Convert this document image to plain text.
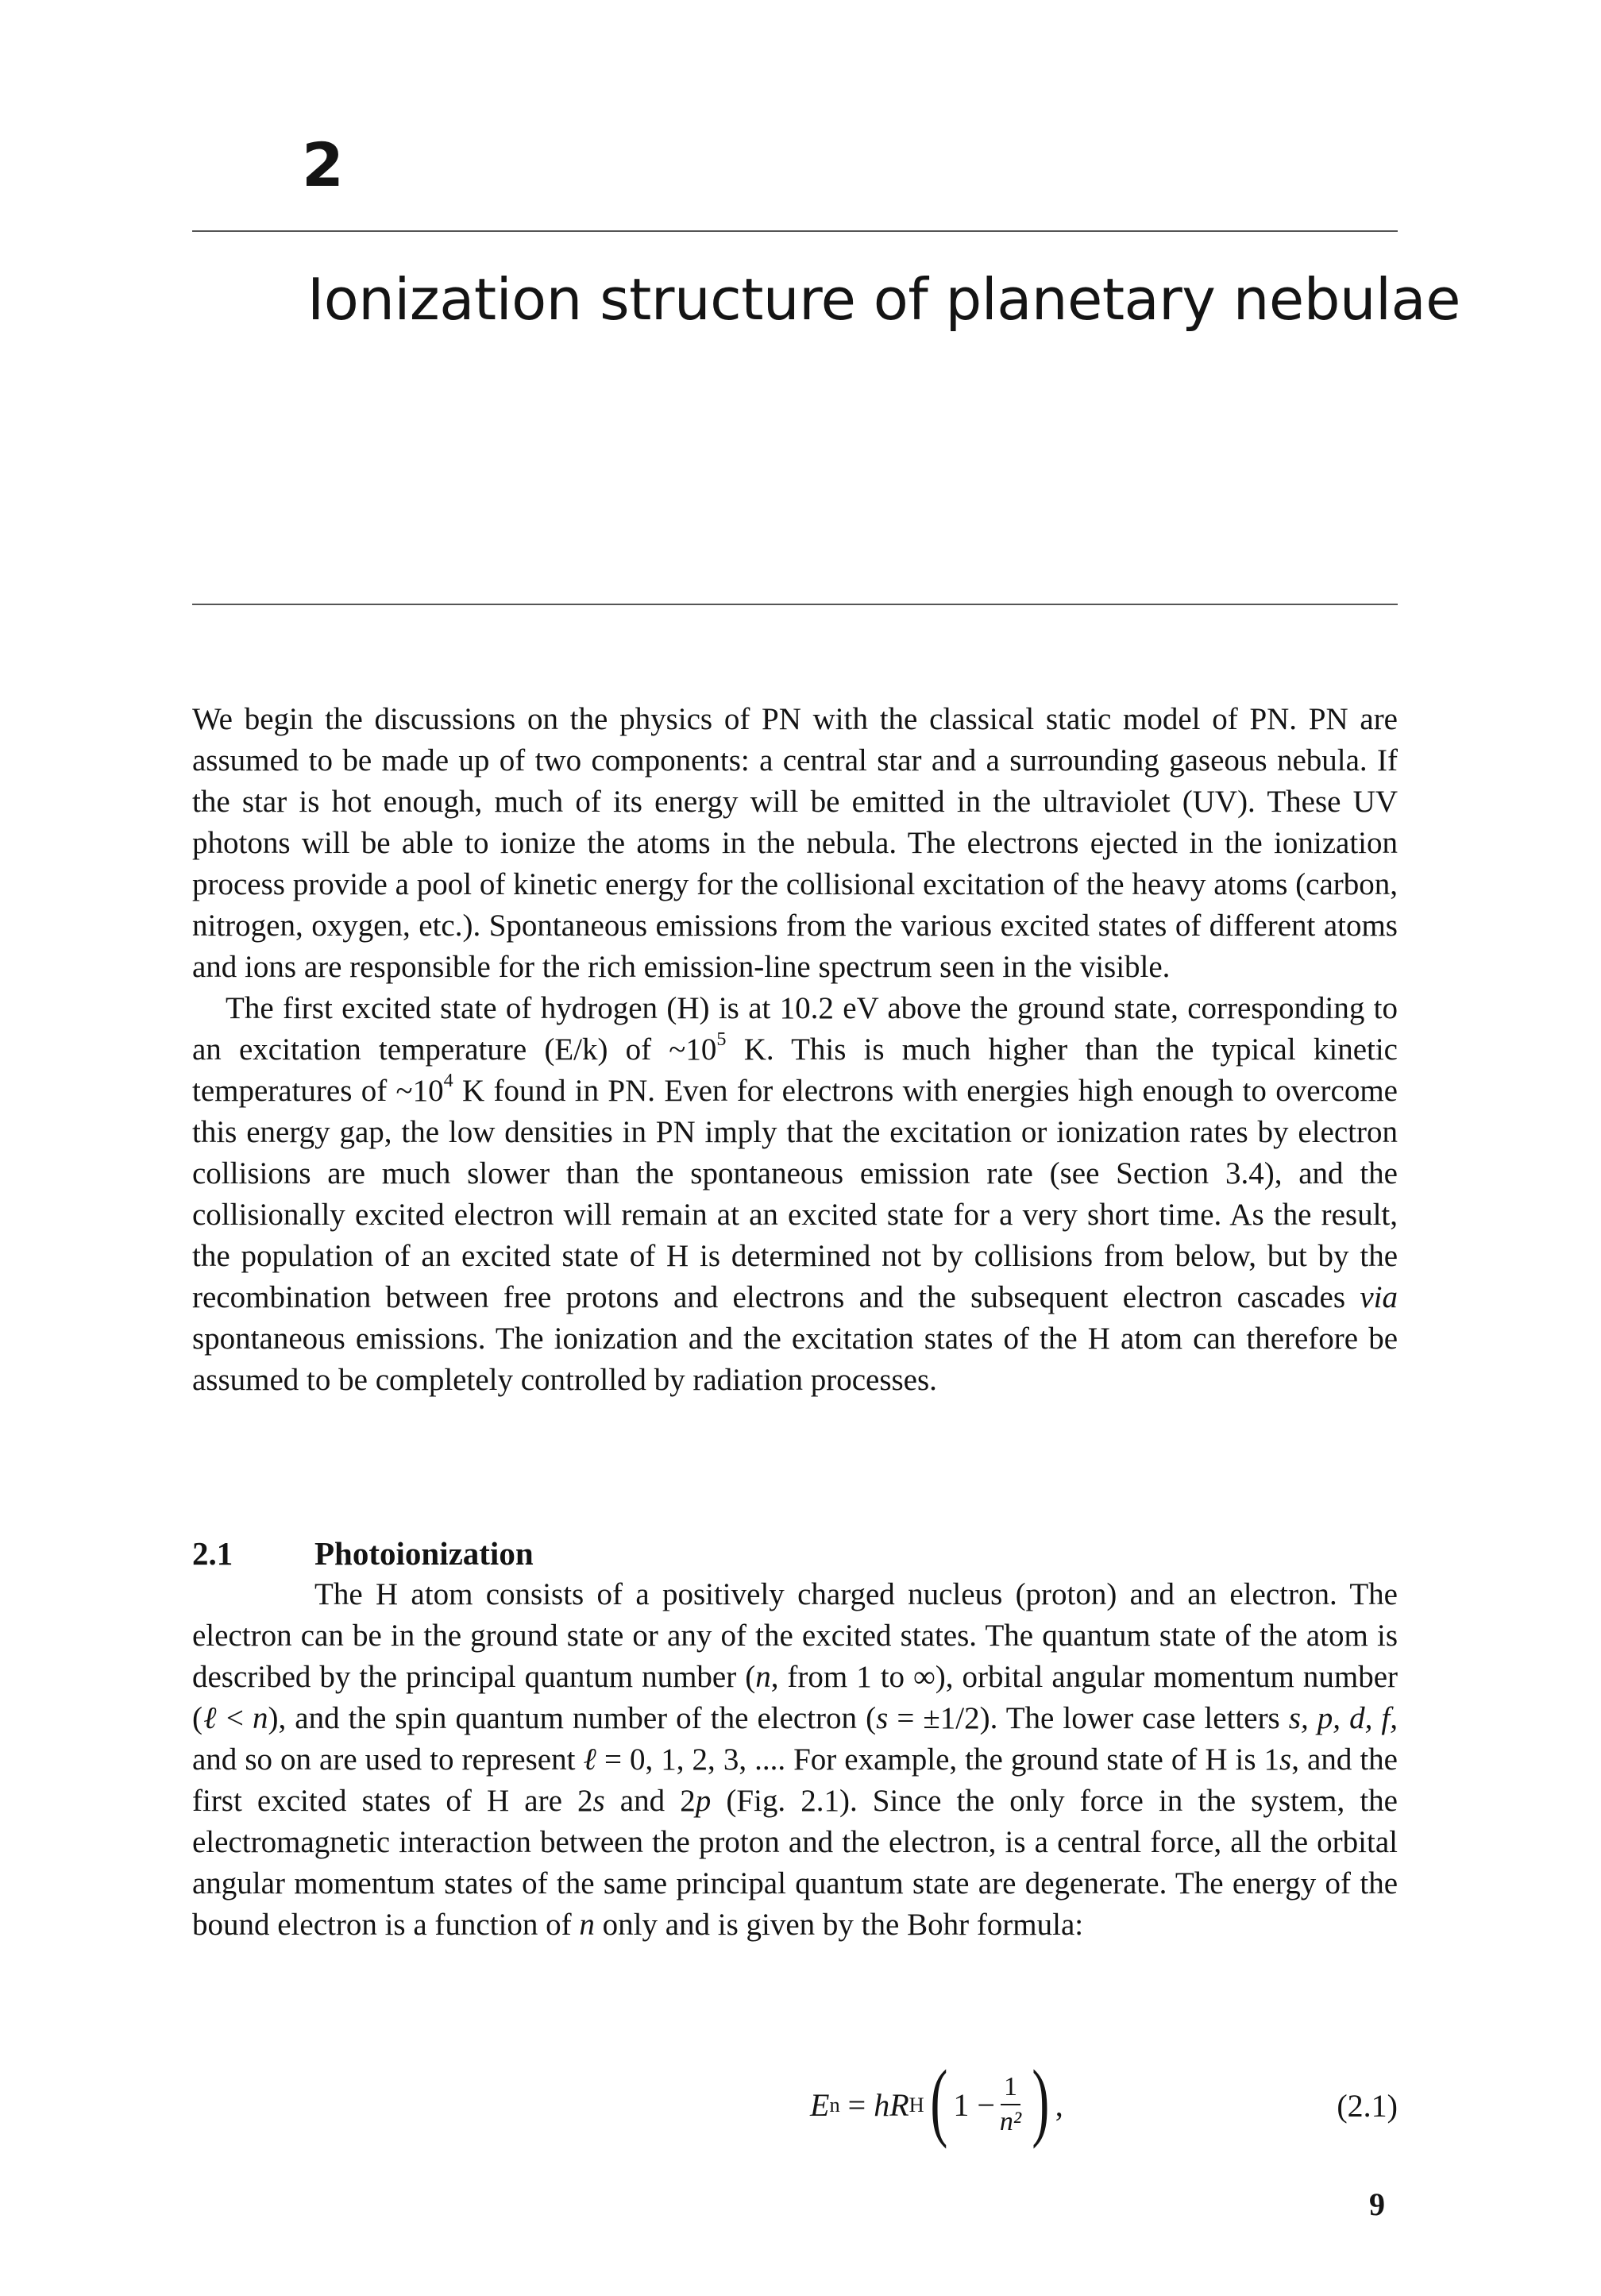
2
Ionization structure of planetary nebulae

We begin the discussions on the physics of PN with the classical static model of PN. PN are assumed to be made up of two components: a central star and a surrounding gaseous nebula. If the star is hot enough, much of its energy will be emitted in the ultraviolet (UV). These UV photons will be able to ionize the atoms in the nebula. The electrons ejected in the ionization process provide a pool of kinetic energy for the collisional excitation of the heavy atoms (carbon, nitrogen, oxygen, etc.). Spontaneous emissions from the various excited states of different atoms and ions are responsible for the rich emission-line spectrum seen in the visible.

The first excited state of hydrogen (H) is at 10.2 eV above the ground state, corresponding to an excitation temperature (E/k) of $\sim 10^5$ K. This is much higher than the typical kinetic temperatures of $\sim 10^4$ K found in PN. Even for electrons with energies high enough to overcome this energy gap, the low densities in PN imply that the excitation or ionization rates by electron collisions are much slower than the spontaneous emission rate (see Section 3.4), and the collisionally excited electron will remain at an excited state for a very short time. As the result, the population of an excited state of H is determined not by collisions from below, but by the recombination between free protons and electrons and the subsequent electron cascades via spontaneous emissions. The ionization and the excitation states of the H atom can therefore be assumed to be completely controlled by radiation processes.

2.1	Photoionization

The H atom consists of a positively charged nucleus (proton) and an electron. The electron can be in the ground state or any of the excited states. The quantum state of the atom is described by the principal quantum number (n, from 1 to ∞), orbital angular momentum number (ℓ < n), and the spin quantum number of the electron (s = ±1/2). The lower case letters s, p, d, f, and so on are used to represent ℓ = 0, 1, 2, 3, .... For example, the ground state of H is 1s, and the first excited states of H are 2s and 2p (Fig. 2.1). Since the only force in the system, the electromagnetic interaction between the proton and the electron, is a central force, all the orbital angular momentum states of the same principal quantum state are degenerate. The energy of the bound electron is a function of n only and is given by the Bohr formula:

E n = hR H ( $1 - \frac{1}{\text{n²}}$ ) ,	(2.1)

9
